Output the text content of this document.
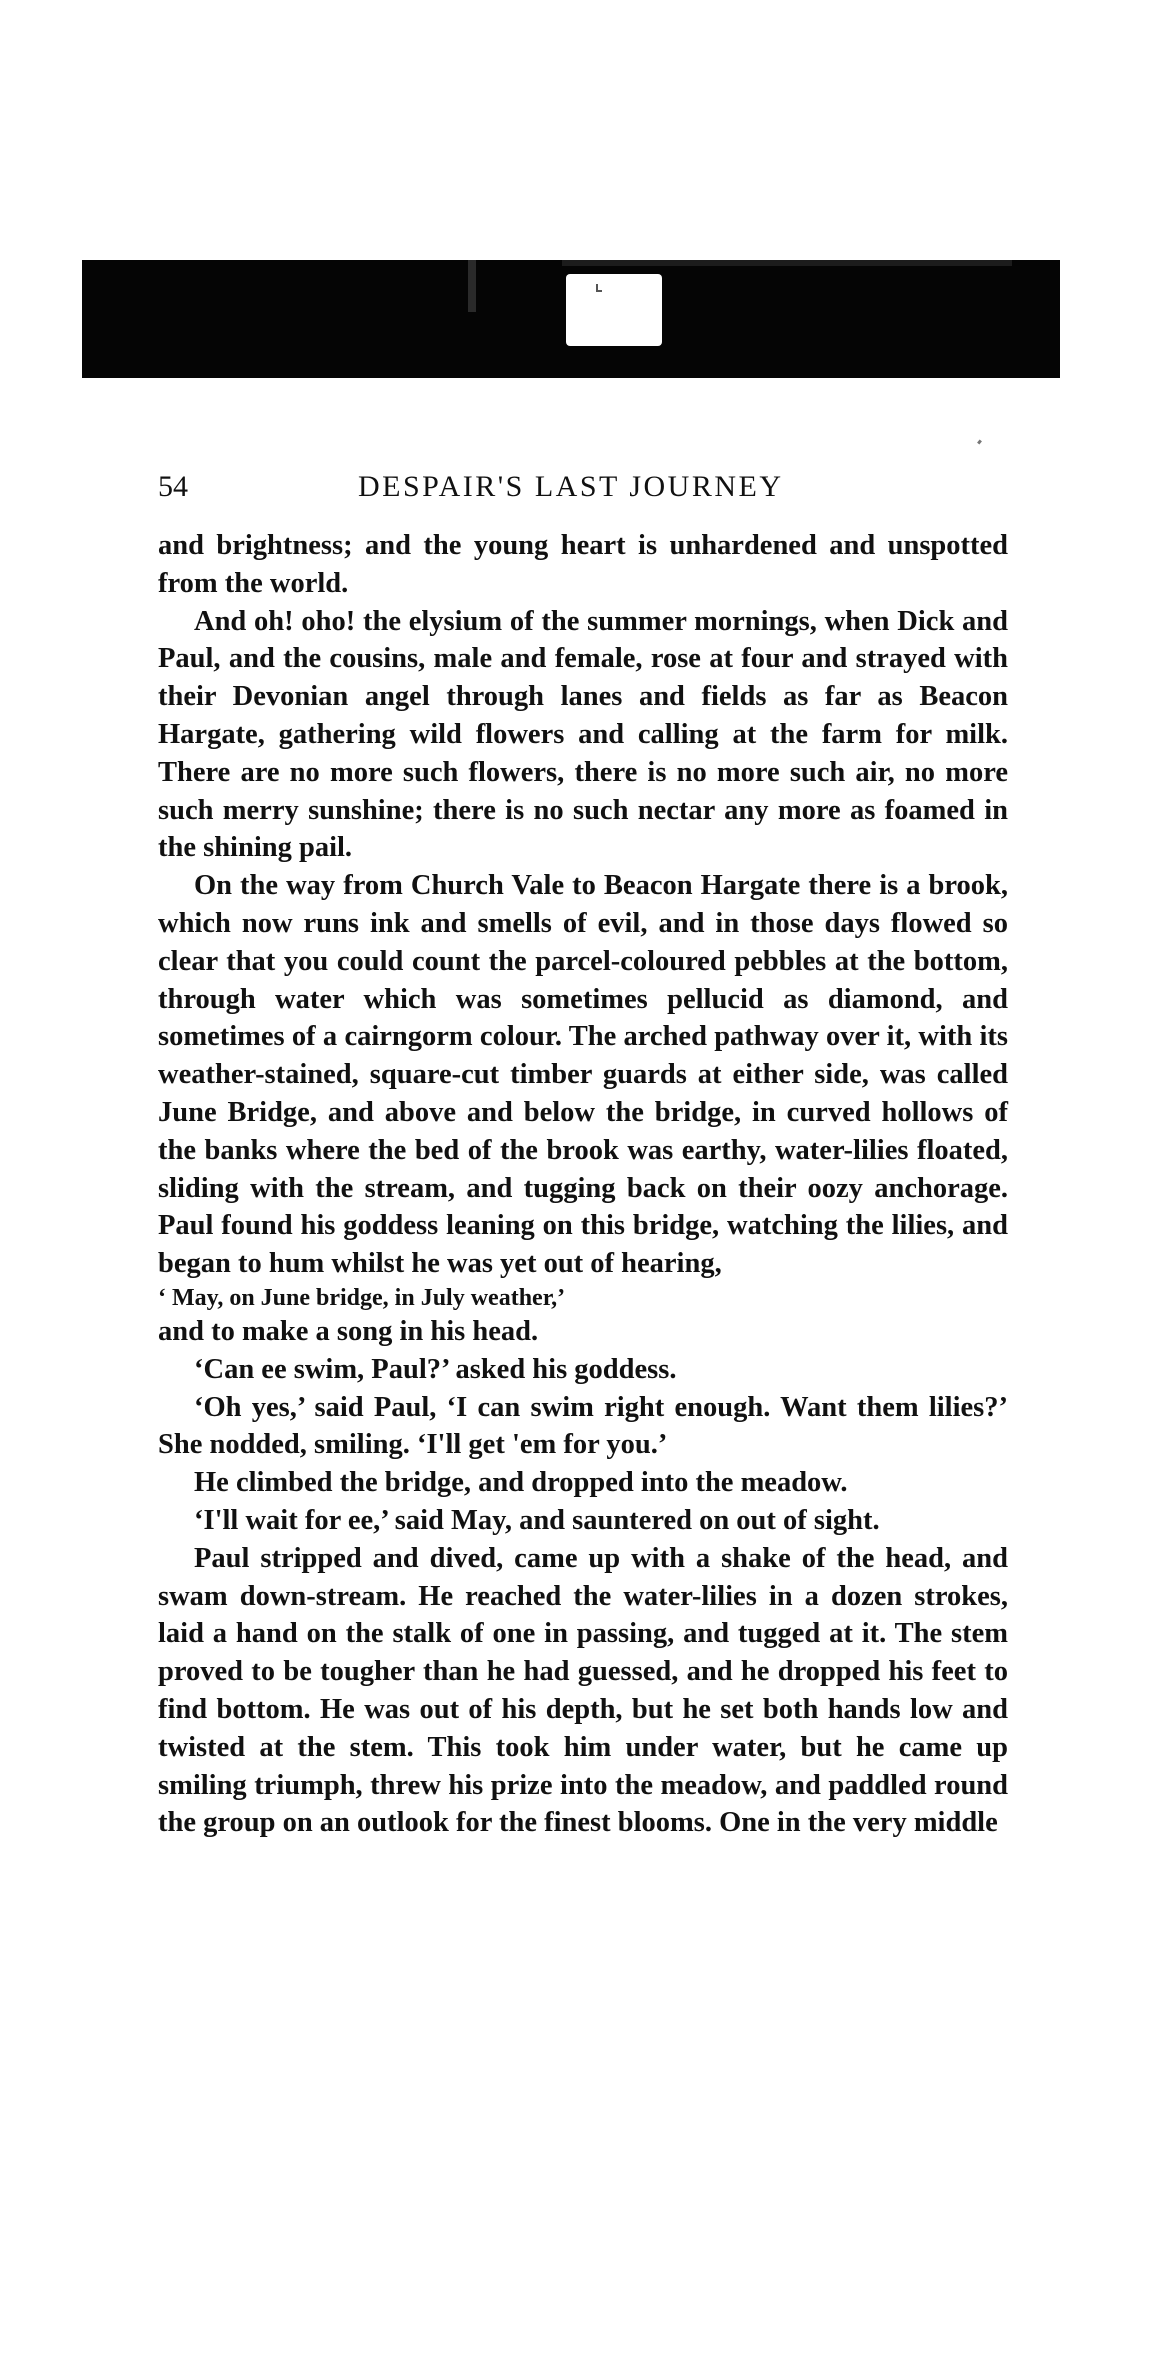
54	DESPAIR'S LAST JOURNEY

and brightness; and the young heart is unhardened and unspotted from the world.

And oh! oho! the elysium of the summer mornings, when Dick and Paul, and the cousins, male and female, rose at four and strayed with their Devonian angel through lanes and fields as far as Beacon Hargate, gathering wild flowers and calling at the farm for milk. There are no more such flowers, there is no more such air, no more such merry sunshine; there is no such nectar any more as foamed in the shining pail.

On the way from Church Vale to Beacon Hargate there is a brook, which now runs ink and smells of evil, and in those days flowed so clear that you could count the parcel-coloured pebbles at the bottom, through water which was sometimes pellucid as diamond, and sometimes of a cairngorm colour. The arched pathway over it, with its weather-stained, square-cut timber guards at either side, was called June Bridge, and above and below the bridge, in curved hollows of the banks where the bed of the brook was earthy, water-lilies floated, sliding with the stream, and tugging back on their oozy anchorage. Paul found his goddess leaning on this bridge, watching the lilies, and began to hum whilst he was yet out of hearing,

‘ May, on June bridge, in July weather,’

and to make a song in his head.

‘Can ee swim, Paul?’ asked his goddess.

‘Oh yes,’ said Paul, ‘I can swim right enough. Want them lilies?’ She nodded, smiling. ‘I'll get 'em for you.’

He climbed the bridge, and dropped into the meadow.

‘I'll wait for ee,’ said May, and sauntered on out of sight.

Paul stripped and dived, came up with a shake of the head, and swam down-stream. He reached the water-lilies in a dozen strokes, laid a hand on the stalk of one in passing, and tugged at it. The stem proved to be tougher than he had guessed, and he dropped his feet to find bottom. He was out of his depth, but he set both hands low and twisted at the stem. This took him under water, but he came up smiling triumph, threw his prize into the meadow, and paddled round the group on an outlook for the finest blooms. One in the very middle
